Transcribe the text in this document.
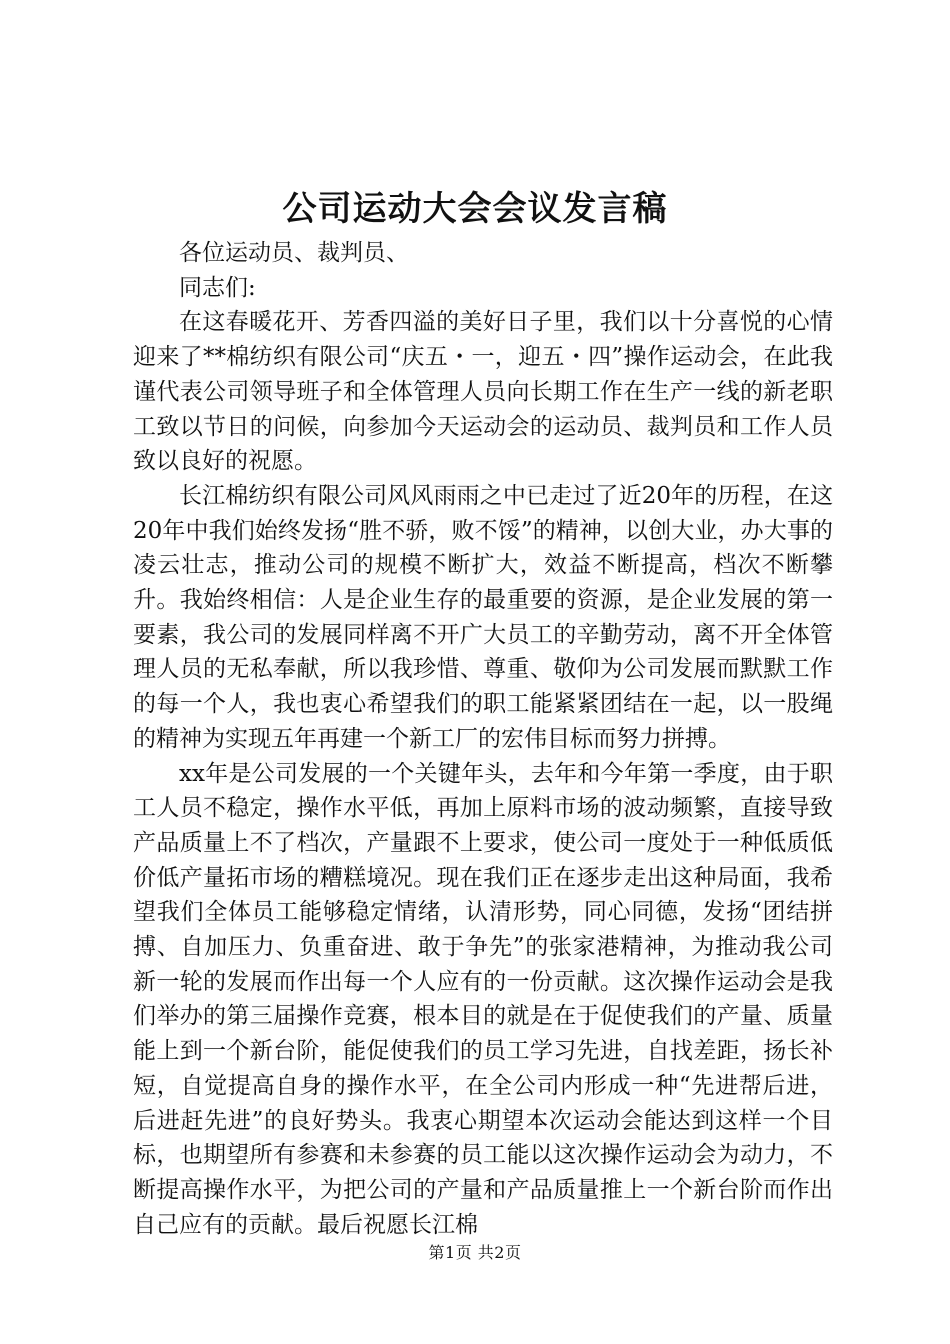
公司运动大会会议发言稿

各位运动员、裁判员、

同志们:

在这春暖花开、芳香四溢的美好日子里，我们以十分喜悦的心情迎来了**棉纺织有限公司“庆五・一，迎五・四”操作运动会，在此我谨代表公司领导班子和全体管理人员向长期工作在生产一线的新老职工致以节日的问候，向参加今天运动会的运动员、裁判员和工作人员致以良好的祝愿。

长江棉纺织有限公司风风雨雨之中已走过了近20年的历程，在这20年中我们始终发扬“胜不骄，败不馁”的精神，以创大业，办大事的凌云壮志，推动公司的规模不断扩大，效益不断提高，档次不断攀升。我始终相信：人是企业生存的最重要的资源，是企业发展的第一要素，我公司的发展同样离不开广大员工的辛勤劳动，离不开全体管理人员的无私奉献，所以我珍惜、尊重、敬仰为公司发展而默默工作的每一个人，我也衷心希望我们的职工能紧紧团结在一起，以一股绳的精神为实现五年再建一个新工厂的宏伟目标而努力拼搏。

xx年是公司发展的一个关键年头，去年和今年第一季度，由于职工人员不稳定，操作水平低，再加上原料市场的波动频繁，直接导致产品质量上不了档次，产量跟不上要求，使公司一度处于一种低质低价低产量拓市场的糟糕境况。现在我们正在逐步走出这种局面，我希望我们全体员工能够稳定情绪，认清形势，同心同德，发扬“团结拼搏、自加压力、负重奋进、敢于争先”的张家港精神，为推动我公司新一轮的发展而作出每一个人应有的一份贡献。这次操作运动会是我们举办的第三届操作竞赛，根本目的就是在于促使我们的产量、质量能上到一个新台阶，能促使我们的员工学习先进，自找差距，扬长补短，自觉提高自身的操作水平，在全公司内形成一种“先进帮后进，后进赶先进”的良好势头。我衷心期望本次运动会能达到这样一个目标，也期望所有参赛和未参赛的员工能以这次操作运动会为动力，不断提高操作水平，为把公司的产量和产品质量推上一个新台阶而作出自己应有的贡献。最后祝愿长江棉

第1页 共2页
